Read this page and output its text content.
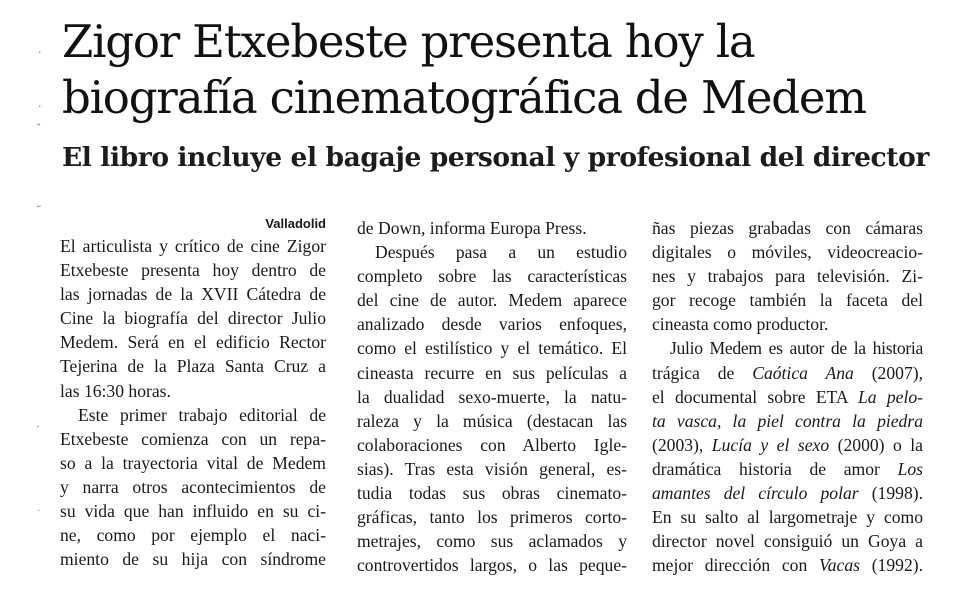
Zigor Etxebeste presenta hoy la
biografía cinematográfica de Medem
El libro incluye el bagaje personal y profesional del director
Valladolid
El articulista y crítico de cine Zigor
Etxebeste presenta hoy dentro de
las jornadas de la XVII Cátedra de
Cine la biografía del director Julio
Medem. Será en el edificio Rector
Tejerina de la Plaza Santa Cruz a
las 16:30 horas.
Este primer trabajo editorial de
Etxebeste comienza con un repa-
so a la trayectoria vital de Medem
y narra otros acontecimientos de
su vida que han influido en su ci-
ne, como por ejemplo el naci-
miento de su hija con síndrome
de Down, informa Europa Press.
Después pasa a un estudio
completo sobre las características
del cine de autor. Medem aparece
analizado desde varios enfoques,
como el estilístico y el temático. El
cineasta recurre en sus películas a
la dualidad sexo-muerte, la natu-
raleza y la música (destacan las
colaboraciones con Alberto Igle-
sias). Tras esta visión general, es-
tudia todas sus obras cinemato-
gráficas, tanto los primeros corto-
metrajes, como sus aclamados y
controvertidos largos, o las peque-
ñas piezas grabadas con cámaras
digitales o móviles, videocreacio-
nes y trabajos para televisión. Zi-
gor recoge también la faceta del
cineasta como productor.
Julio Medem es autor de la historia
trágica de Caótica Ana (2007),
el documental sobre ETA La pelo-
ta vasca, la piel contra la piedra
(2003), Lucía y el sexo (2000) o la
dramática historia de amor Los
amantes del círculo polar (1998).
En su salto al largometraje y como
director novel consiguió un Goya a
mejor dirección con Vacas (1992).
·
·
ˇ
˜
·
˙
